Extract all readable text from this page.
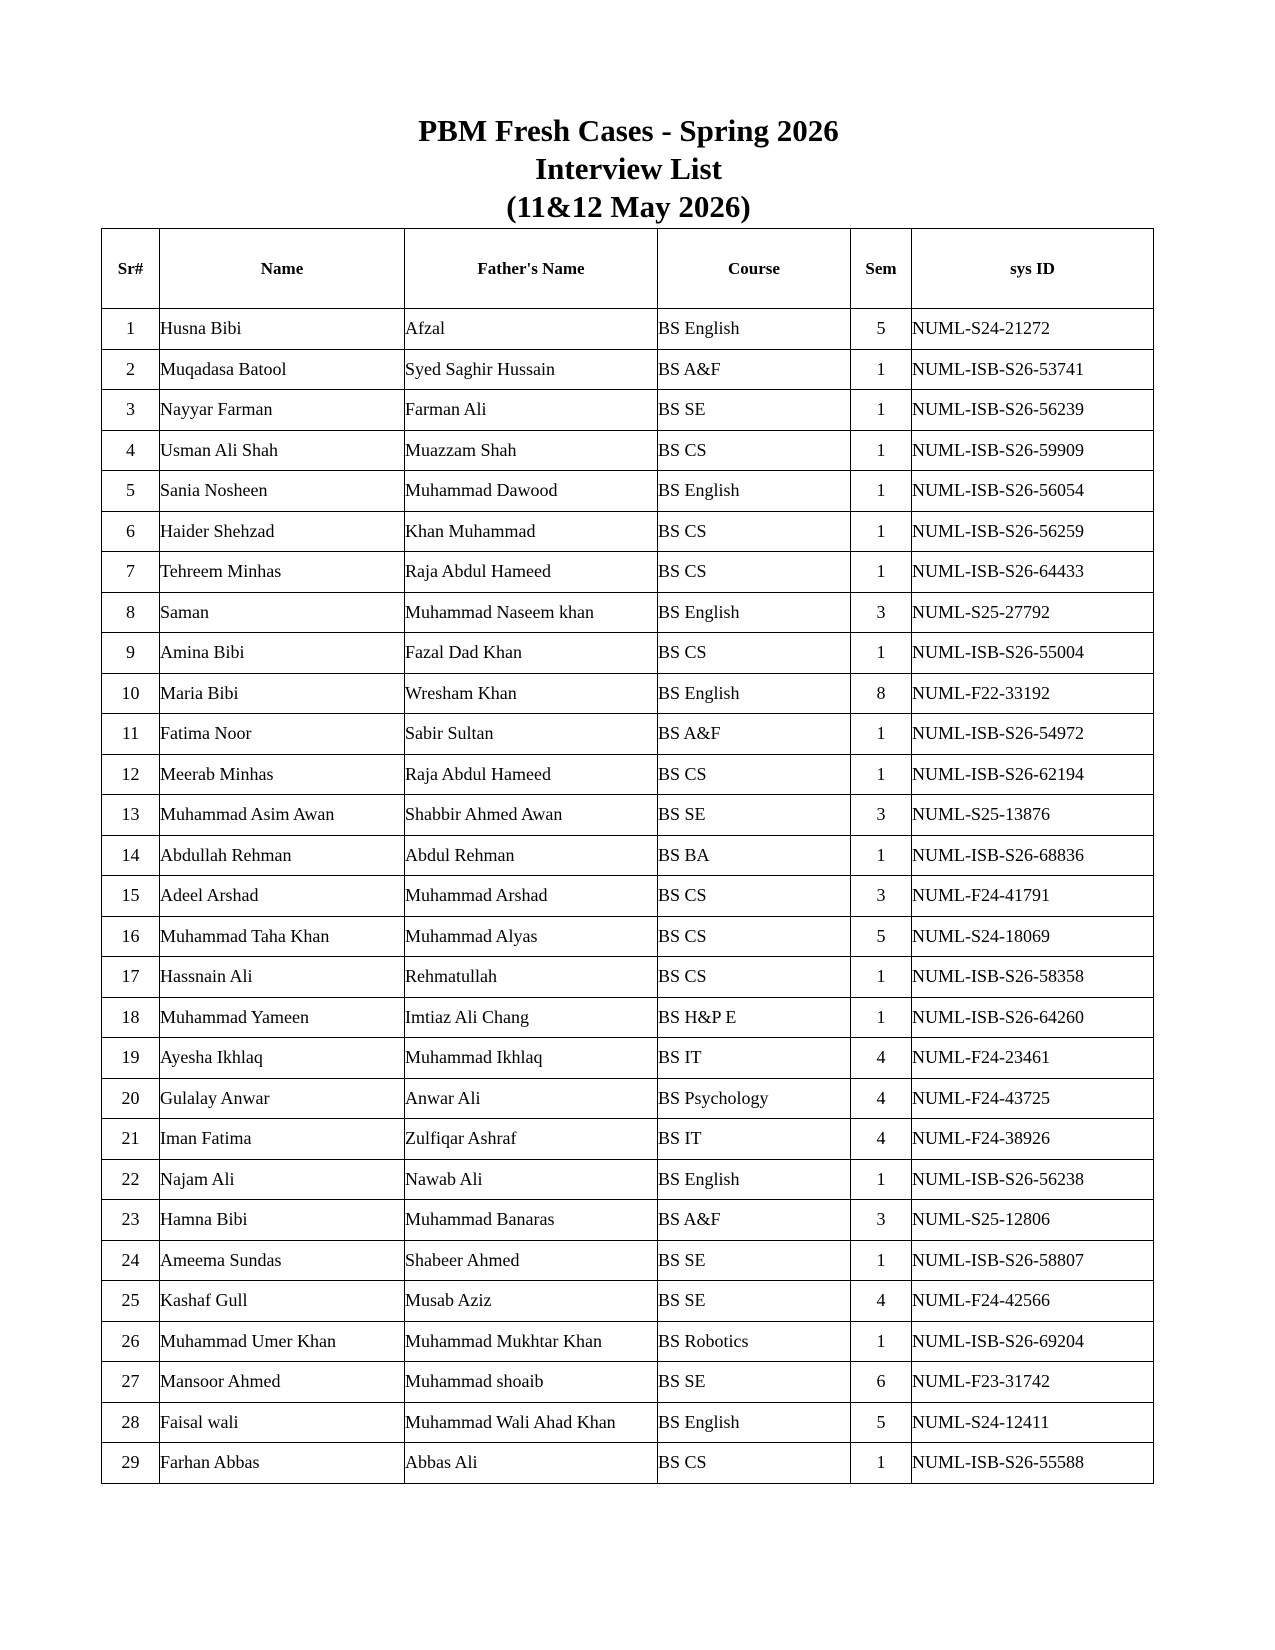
PBM Fresh Cases - Spring 2026
Interview List
(11&12 May 2026)
Sr#	Name	Father's Name	Course	Sem	sys ID
1	Husna Bibi	Afzal	BS English	5	NUML-S24-21272
2	Muqadasa Batool	Syed Saghir Hussain	BS A&F	1	NUML-ISB-S26-53741
3	Nayyar Farman	Farman Ali	BS SE	1	NUML-ISB-S26-56239
4	Usman Ali Shah	Muazzam Shah	BS CS	1	NUML-ISB-S26-59909
5	Sania Nosheen	Muhammad Dawood	BS English	1	NUML-ISB-S26-56054
6	Haider Shehzad	Khan Muhammad	BS CS	1	NUML-ISB-S26-56259
7	Tehreem Minhas	Raja Abdul Hameed	BS CS	1	NUML-ISB-S26-64433
8	Saman	Muhammad Naseem khan	BS English	3	NUML-S25-27792
9	Amina Bibi	Fazal Dad Khan	BS CS	1	NUML-ISB-S26-55004
10	Maria Bibi	Wresham Khan	BS English	8	NUML-F22-33192
11	Fatima Noor	Sabir Sultan	BS A&F	1	NUML-ISB-S26-54972
12	Meerab Minhas	Raja Abdul Hameed	BS CS	1	NUML-ISB-S26-62194
13	Muhammad Asim Awan	Shabbir Ahmed Awan	BS SE	3	NUML-S25-13876
14	Abdullah Rehman	Abdul Rehman	BS BA	1	NUML-ISB-S26-68836
15	Adeel Arshad	Muhammad Arshad	BS CS	3	NUML-F24-41791
16	Muhammad Taha Khan	Muhammad Alyas	BS CS	5	NUML-S24-18069
17	Hassnain Ali	Rehmatullah	BS CS	1	NUML-ISB-S26-58358
18	Muhammad Yameen	Imtiaz Ali Chang	BS H&P E	1	NUML-ISB-S26-64260
19	Ayesha Ikhlaq	Muhammad Ikhlaq	BS IT	4	NUML-F24-23461
20	Gulalay Anwar	Anwar Ali	BS Psychology	4	NUML-F24-43725
21	Iman Fatima	Zulfiqar Ashraf	BS IT	4	NUML-F24-38926
22	Najam Ali	Nawab Ali	BS English	1	NUML-ISB-S26-56238
23	Hamna Bibi	Muhammad Banaras	BS A&F	3	NUML-S25-12806
24	Ameema Sundas	Shabeer Ahmed	BS SE	1	NUML-ISB-S26-58807
25	Kashaf Gull	Musab Aziz	BS SE	4	NUML-F24-42566
26	Muhammad Umer Khan	Muhammad Mukhtar Khan	BS Robotics	1	NUML-ISB-S26-69204
27	Mansoor Ahmed	Muhammad shoaib	BS SE	6	NUML-F23-31742
28	Faisal wali	Muhammad Wali Ahad Khan	BS English	5	NUML-S24-12411
29	Farhan Abbas	Abbas Ali	BS CS	1	NUML-ISB-S26-55588
